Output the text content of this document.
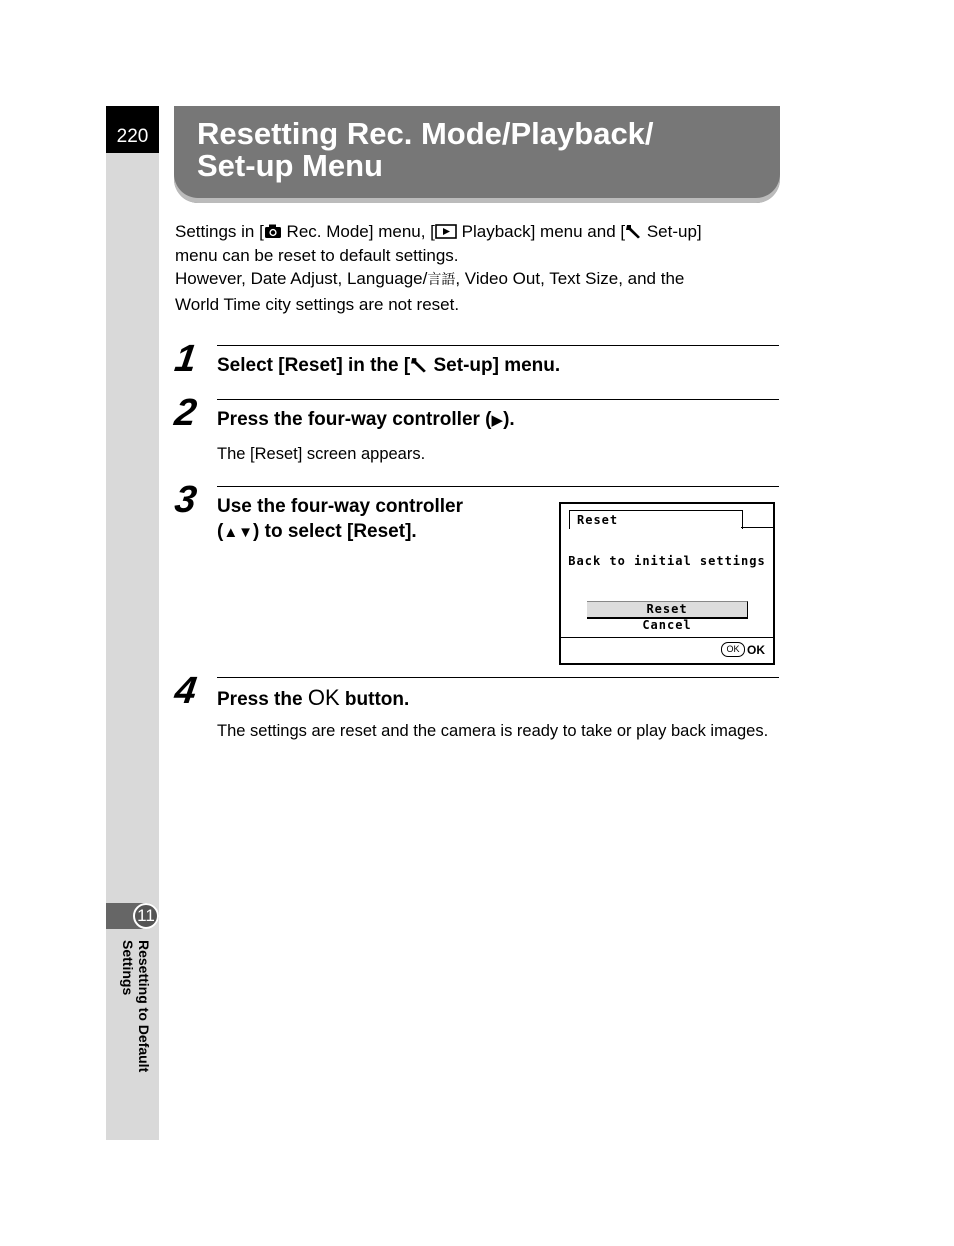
220
11
Resetting to Default
Settings
Resetting Rec. Mode/Playback/
Set-up Menu
Settings in [ Rec. Mode] menu, [ Playback] menu and [ Set-up]
menu can be reset to default settings.
However, Date Adjust, Language/言語, Video Out, Text Size, and the
World Time city settings are not reset.
1 Select [Reset] in the [ Set-up] menu.
2 Press the four-way controller (▶).
The [Reset] screen appears.
3 Use the four-way controller
(▲▼) to select [Reset].
Reset
Back to initial settings
Reset
Cancel
OK OK
4 Press the OK button.
The settings are reset and the camera is ready to take or play back images.
